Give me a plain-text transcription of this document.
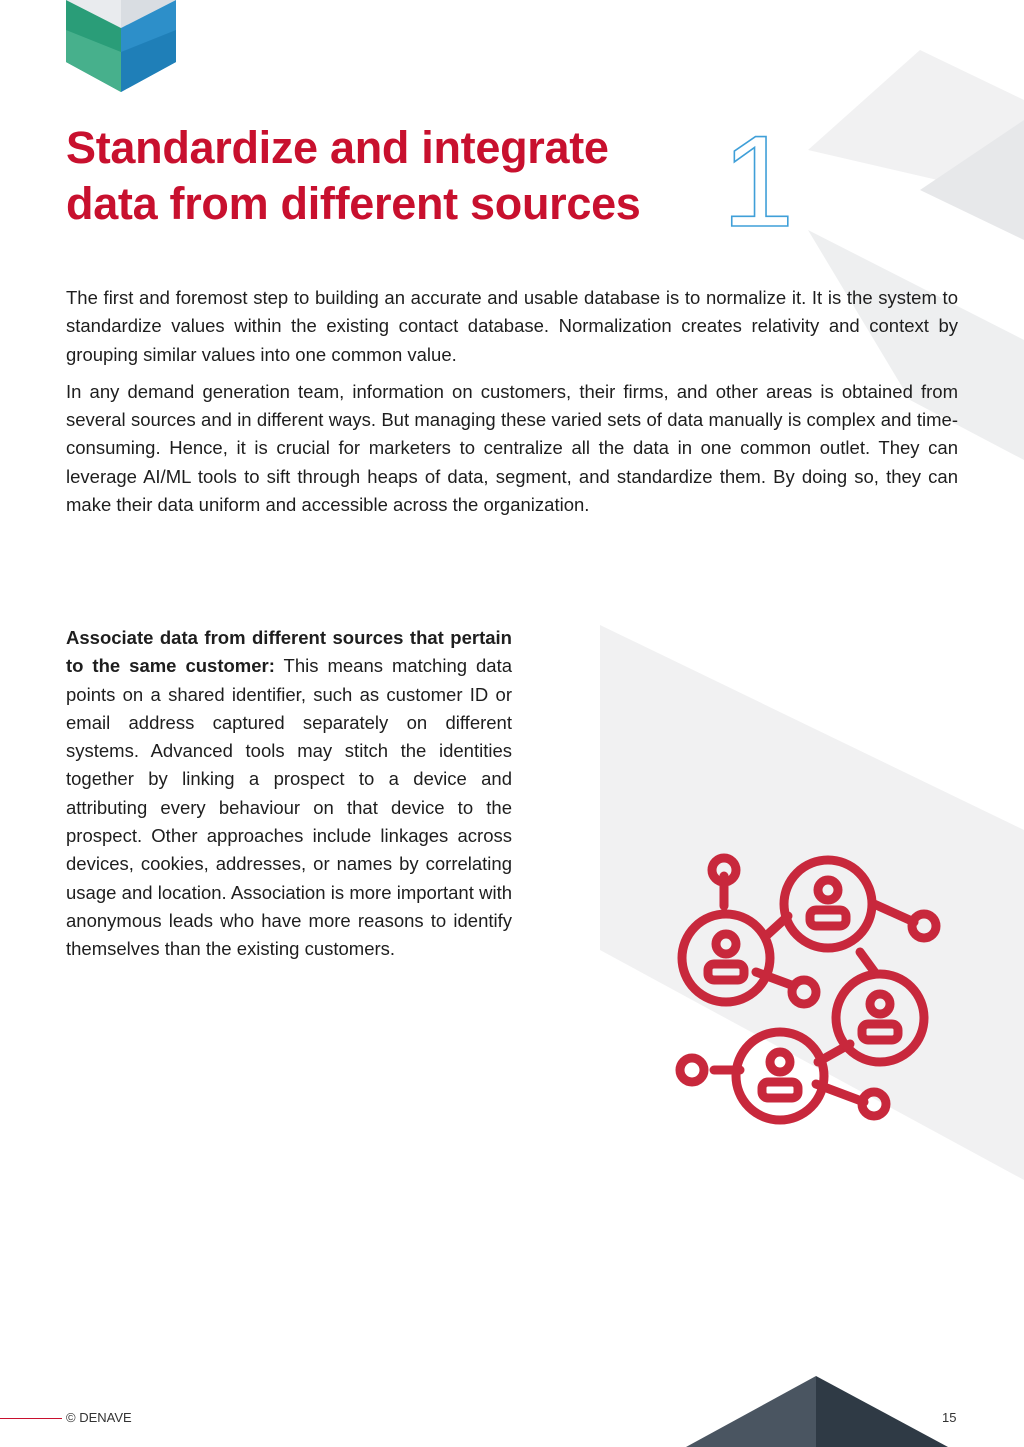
Standardize and integrate
data from different sources 1

The first and foremost step to building an accurate and usable database is to normalize it. It is the system to standardize values within the existing contact database. Normalization creates relativity and context by grouping similar values into one common value.

In any demand generation team, information on customers, their firms, and other areas is obtained from several sources and in different ways. But managing these varied sets of data manually is complex and time-consuming. Hence, it is crucial for marketers to centralize all the data in one common outlet. They can leverage AI/ML tools to sift through heaps of data, segment, and standardize them. By doing so, they can make their data uniform and accessible across the organization.

Associate data from different sources that pertain to the same customer: This means matching data points on a shared identifier, such as customer ID or email address captured separately on different systems. Advanced tools may stitch the identities together by linking a prospect to a device and attributing every behaviour on that device to the prospect. Other approaches include linkages across devices, cookies, addresses, or names by correlating usage and location. Association is more important with anonymous leads who have more reasons to identify themselves than the existing customers.

© DENAVE	15
